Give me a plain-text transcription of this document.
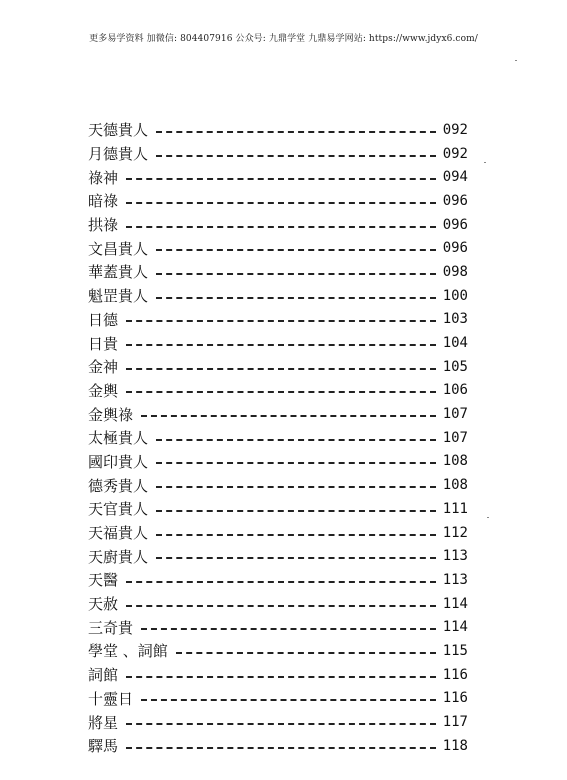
更多易学资料 加微信: 804407916 公众号: 九鼎学堂 九鼎易学网站: https://www.jdyx6.com/
天德貴人	092
月德貴人	092
祿神	094
暗祿	096
拱祿	096
文昌貴人	096
華蓋貴人	098
魁罡貴人	100
日德	103
日貴	104
金神	105
金輿	106
金輿祿	107
太極貴人	107
國印貴人	108
德秀貴人	108
天官貴人	111
天福貴人	112
天廚貴人	113
天醫	113
天赦	114
三奇貴	114
學堂 、詞館	115
詞館	116
十靈日	116
將星	117
驛馬	118
